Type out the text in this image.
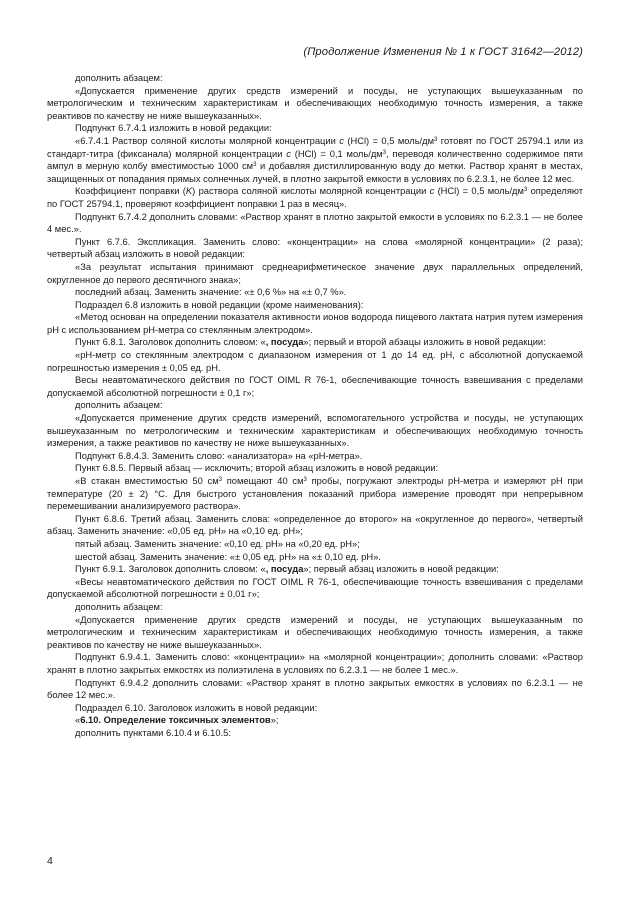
(Продолжение Изменения № 1 к ГОСТ 31642—2012)

дополнить абзацем:

«Допускается применение других средств измерений и посуды, не уступающих вышеуказанным по метрологическим и техническим характеристикам и обеспечивающих необходимую точность измерения, а также реактивов по качеству не ниже вышеуказанных».

Подпункт 6.7.4.1 изложить в новой редакции:

«6.7.4.1 Раствор соляной кислоты молярной концентрации c (HCl) = 0,5 моль/$дм^3$ готовят по ГОСТ 25794.1 или из стандарт-титра (фиксанала) молярной концентрации c (HCl) = 0,1 моль/$дм^3$, переводя количественно содержимое пяти ампул в мерную колбу вместимостью 1000 $см^3$ и добавляя дистиллированную воду до метки. Раствор хранят в местах, защищенных от попадания прямых солнечных лучей, в плотно закрытой емкости в условиях по 6.2.3.1, не более 12 мес.

Коэффициент поправки (K) раствора соляной кислоты молярной концентрации c (HCl) = 0,5 моль/$дм^3$ определяют по ГОСТ 25794.1, проверяют коэффициент поправки 1 раз в месяц».

Подпункт 6.7.4.2 дополнить словами: «Раствор хранят в плотно закрытой емкости в условиях по 6.2.3.1 — не более 4 мес.».

Пункт 6.7.6. Экспликация. Заменить слово: «концентрации» на слова «молярной концентрации» (2 раза); четвертый абзац изложить в новой редакции:

«За результат испытания принимают среднеарифметическое значение двух параллельных определений, округленное до первого десятичного знака»;

последний абзац. Заменить значение: «± 0,6 %» на «± 0,7 %».

Подраздел 6.8 изложить в новой редакции (кроме наименования):

«Метод основан на определении показателя активности ионов водорода пищевого лактата натрия путем измерения pH с использованием pH-метра со стеклянным электродом».

Пункт 6.8.1. Заголовок дополнить словом: «, посуда»; первый и второй абзацы изложить в новой редакции:

«pH-метр со стеклянным электродом с диапазоном измерения от 1 до 14 ед. pH, с абсолютной допускаемой погрешностью измерения ± 0,05 ед. pH.

Весы неавтоматического действия по ГОСТ OIML R 76-1, обеспечивающие точность взвешивания с пределами допускаемой абсолютной погрешности ± 0,1 г»;

дополнить абзацем:

«Допускается применение других средств измерений, вспомогательного устройства и посуды, не уступающих вышеуказанным по метрологическим и техническим характеристикам и обеспечивающих необходимую точность измерения, а также реактивов по качеству не ниже вышеуказанных».

Подпункт 6.8.4.3. Заменить слово: «анализатора» на «pH-метра».

Пункт 6.8.5. Первый абзац — исключить; второй абзац изложить в новой редакции:

«В стакан вместимостью 50 $см^3$ помещают 40 $см^3$ пробы, погружают электроды pH-метра и измеряют pH при температуре (20 ± 2) °С. Для быстрого установления показаний прибора измерение проводят при непрерывном перемешивании анализируемого раствора».

Пункт 6.8.6. Третий абзац. Заменить слова: «определенное до второго» на «округленное до первого», четвертый абзац. Заменить значение: «0,05 ед. pH» на «0,10 ед. pH»;

пятый абзац. Заменить значение: «0,10 ед. pH» на «0,20 ед. pH»;

шестой абзац. Заменить значение: «± 0,05 ед. pH» на «± 0,10 ед. pH».

Пункт 6.9.1. Заголовок дополнить словом: «, посуда»; первый абзац изложить в новой редакции:

«Весы неавтоматического действия по ГОСТ OIML R 76-1, обеспечивающие точность взвешивания с пределами допускаемой абсолютной погрешности ± 0,01 г»;

дополнить абзацем:

«Допускается применение других средств измерений и посуды, не уступающих вышеуказанным по метрологическим и техническим характеристикам и обеспечивающих необходимую точность измерения, а также реактивов по качеству не ниже вышеуказанных».

Подпункт 6.9.4.1. Заменить слово: «концентрации» на «молярной концентрации»; дополнить словами: «Раствор хранят в плотно закрытых емкостях из полиэтилена в условиях по 6.2.3.1 — не более 1 мес.».

Подпункт 6.9.4.2 дополнить словами: «Раствор хранят в плотно закрытых емкостях в условиях по 6.2.3.1 — не более 12 мес.».

Подраздел 6.10. Заголовок изложить в новой редакции:

«6.10. Определение токсичных элементов»;

дополнить пунктами 6.10.4 и 6.10.5:

4
